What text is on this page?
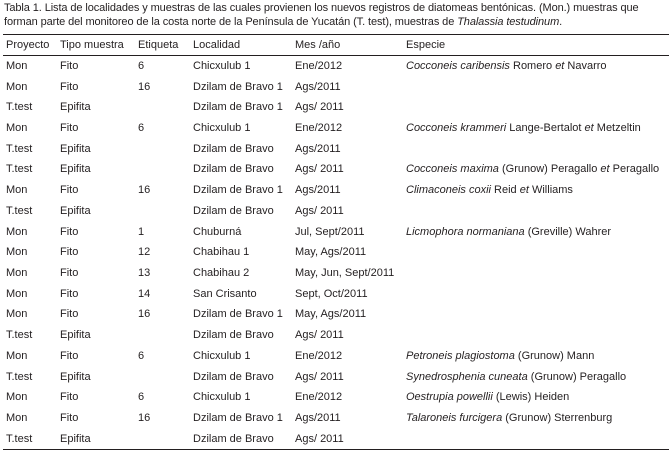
Tabla 1. Lista de localidades y muestras de las cuales provienen los nuevos registros de diatomeas bentónicas. (Mon.) muestras que forman parte del monitoreo de la costa norte de la Península de Yucatán (T. test), muestras de Thalassia testudinum.
Proyecto	Tipo muestra	Etiqueta	Localidad	Mes /año	Especie
Mon	Fito	6	Chicxulub 1	Ene/2012	Cocconeis caribensis Romero et Navarro
Mon	Fito	16	Dzilam de Bravo 1	Ags/2011	
T.test	Epifita		Dzilam de Bravo 1	Ags/ 2011	
Mon	Fito	6	Chicxulub 1	Ene/2012	Cocconeis krammeri Lange-Bertalot et Metzeltin
T.test	Epifita		Dzilam de Bravo	Ags/2011	
T.test	Epifita		Dzilam de Bravo	Ags/ 2011	Cocconeis maxima (Grunow) Peragallo et Peragallo
Mon	Fito	16	Dzilam de Bravo 1	Ags/2011	Climaconeis coxii Reid et Williams
T.test	Epifita		Dzilam de Bravo	Ags/ 2011	
Mon	Fito	1	Chuburná	Jul, Sept/2011	Licmophora normaniana (Greville) Wahrer
Mon	Fito	12	Chabihau 1	May, Ags/2011	
Mon	Fito	13	Chabihau 2	May, Jun, Sept/2011	
Mon	Fito	14	San Crisanto	Sept, Oct/2011	
Mon	Fito	16	Dzilam de Bravo 1	May, Ags/2011	
T.test	Epifita		Dzilam de Bravo	Ags/ 2011	
Mon	Fito	6	Chicxulub 1	Ene/2012	Petroneis plagiostoma (Grunow) Mann
T.test	Epifita		Dzilam de Bravo	Ags/ 2011	Synedrosphenia cuneata (Grunow) Peragallo
Mon	Fito	6	Chicxulub 1	Ene/2012	Oestrupia powellii (Lewis) Heiden
Mon	Fito	16	Dzilam de Bravo 1	Ags/2011	Talaroneis furcigera (Grunow) Sterrenburg
T.test	Epifita		Dzilam de Bravo	Ags/ 2011	
